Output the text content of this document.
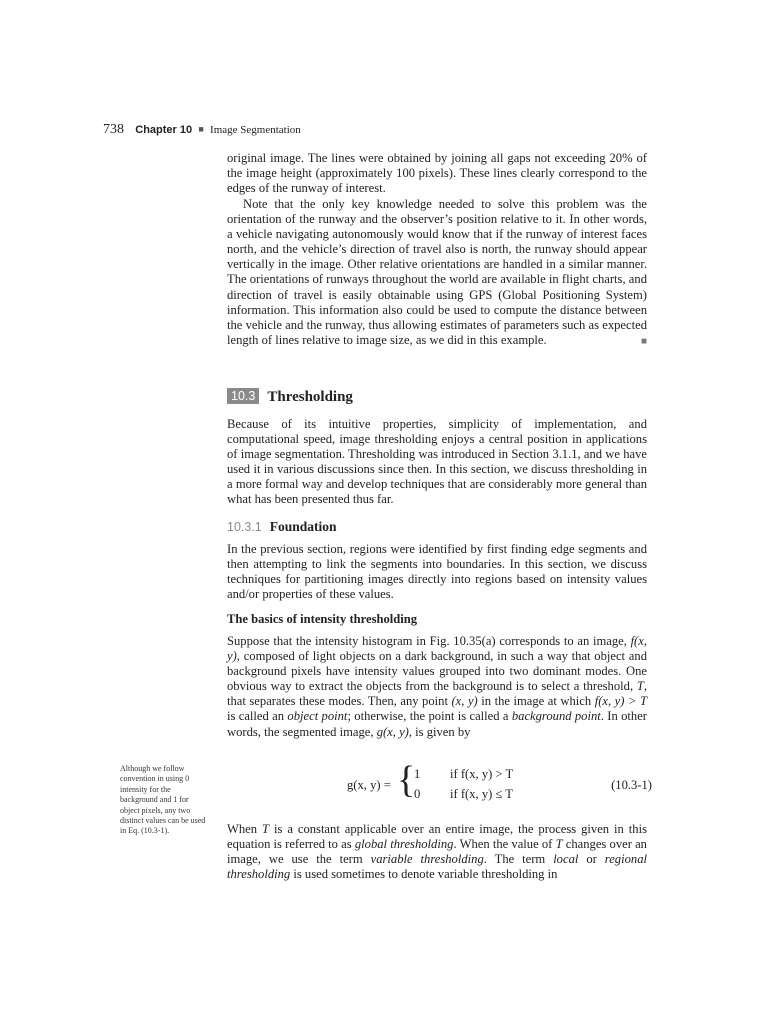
738 Chapter 10 ■ Image Segmentation

original image. The lines were obtained by joining all gaps not exceeding 20% of the image height (approximately 100 pixels). These lines clearly correspond to the edges of the runway of interest.

Note that the only key knowledge needed to solve this problem was the orientation of the runway and the observer’s position relative to it. In other words, a vehicle navigating autonomously would know that if the runway of interest faces north, and the vehicle’s direction of travel also is north, the runway should appear vertically in the image. Other relative orientations are handled in a similar manner. The orientations of runways throughout the world are available in flight charts, and direction of travel is easily obtainable using GPS (Global Positioning System) information. This information also could be used to compute the distance between the vehicle and the runway, thus allowing estimates of parameters such as expected length of lines relative to image size, as we did in this example.	■

10.3 Thresholding

Because of its intuitive properties, simplicity of implementation, and computational speed, image thresholding enjoys a central position in applications of image segmentation. Thresholding was introduced in Section 3.1.1, and we have used it in various discussions since then. In this section, we discuss thresholding in a more formal way and develop techniques that are considerably more general than what has been presented thus far.

10.3.1 Foundation

In the previous section, regions were identified by first finding edge segments and then attempting to link the segments into boundaries. In this section, we discuss techniques for partitioning images directly into regions based on intensity values and/or properties of these values.

The basics of intensity thresholding

Suppose that the intensity histogram in Fig. 10.35(a) corresponds to an image, f(x, y), composed of light objects on a dark background, in such a way that object and background pixels have intensity values grouped into two dominant modes. One obvious way to extract the objects from the background is to select a threshold, T, that separates these modes. Then, any point (x, y) in the image at which f(x, y) > T is called an object point; otherwise, the point is called a background point. In other words, the segmented image, g(x, y), is given by

Although we follow convention in using 0 intensity for the background and 1 for object pixels, any two distinct values can be used in Eq. (10.3-1).
g(x, y) = {
1
0
if f(x, y) > T
if f(x, y) ≤ T
(10.3-1)

When T is a constant applicable over an entire image, the process given in this equation is referred to as global thresholding. When the value of T changes over an image, we use the term variable thresholding. The term local or regional thresholding is used sometimes to denote variable thresholding in
